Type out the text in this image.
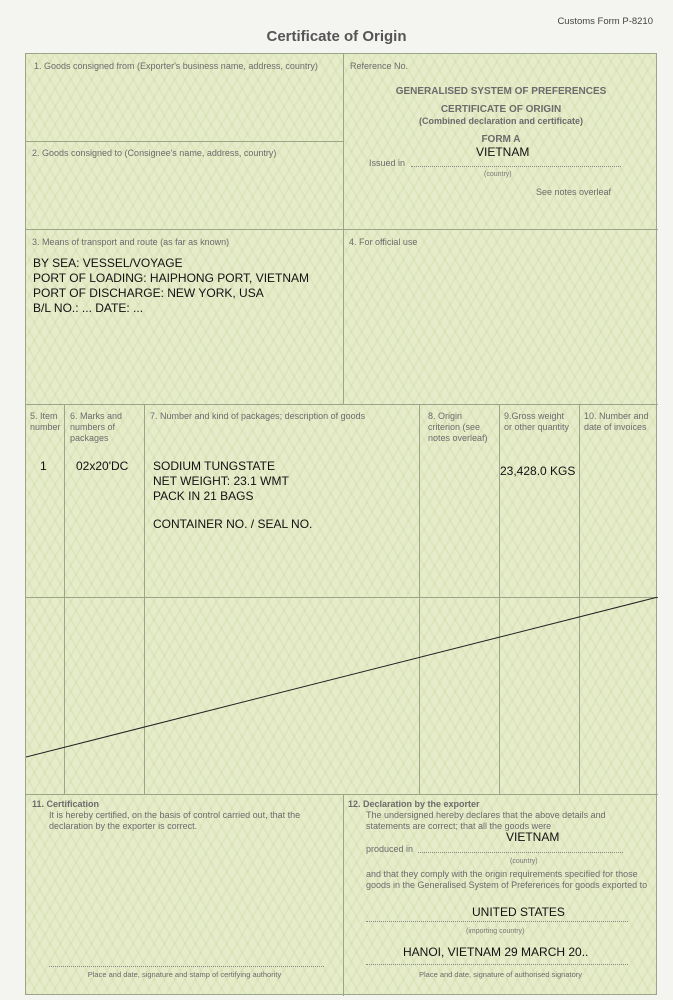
Customs Form P-8210
Certificate of Origin
1. Goods consigned from (Exporter's business name, address, country)
2. Goods consigned to (Consignee's name, address, country)
Reference No.
GENERALISED SYSTEM OF PREFERENCES
CERTIFICATE OF ORIGIN
(Combined declaration and certificate)
FORM A
VIETNAM
Issued in
(country)
See notes overleaf
3. Means of transport and route (as far as known)
BY SEA: VESSEL/VOYAGE
PORT OF LOADING: HAIPHONG PORT, VIETNAM
PORT OF DISCHARGE: NEW YORK, USA
B/L NO.: ... DATE: ...
4. For official use
5. Item number
6. Marks and numbers of packages
7. Number and kind of packages; description of goods	8. Origin criterion (see notes overleaf)
9.Gross weight or other quantity
10. Number and date of invoices
1 02x20'DC SODIUM TUNGSTATE
NET WEIGHT: 23.1 WMT
PACK IN 21 BAGS
CONTAINER NO. / SEAL NO.
23,428.0 KGS
11. Certification
It is hereby certified, on the basis of control carried out, that the declaration by the exporter is correct.
Place and date, signature and stamp of certifying authority
12. Declaration by the exporter
The undersigned hereby declares that the above details and statements are correct; that all the goods were
VIETNAM
produced in
(country)
and that they comply with the origin requirements specified for those goods in the Generalised System of Preferences for goods exported to
UNITED STATES
(importing country)
HANOI, VIETNAM 29 MARCH 20..
Place and date, signature of authorised signatory
